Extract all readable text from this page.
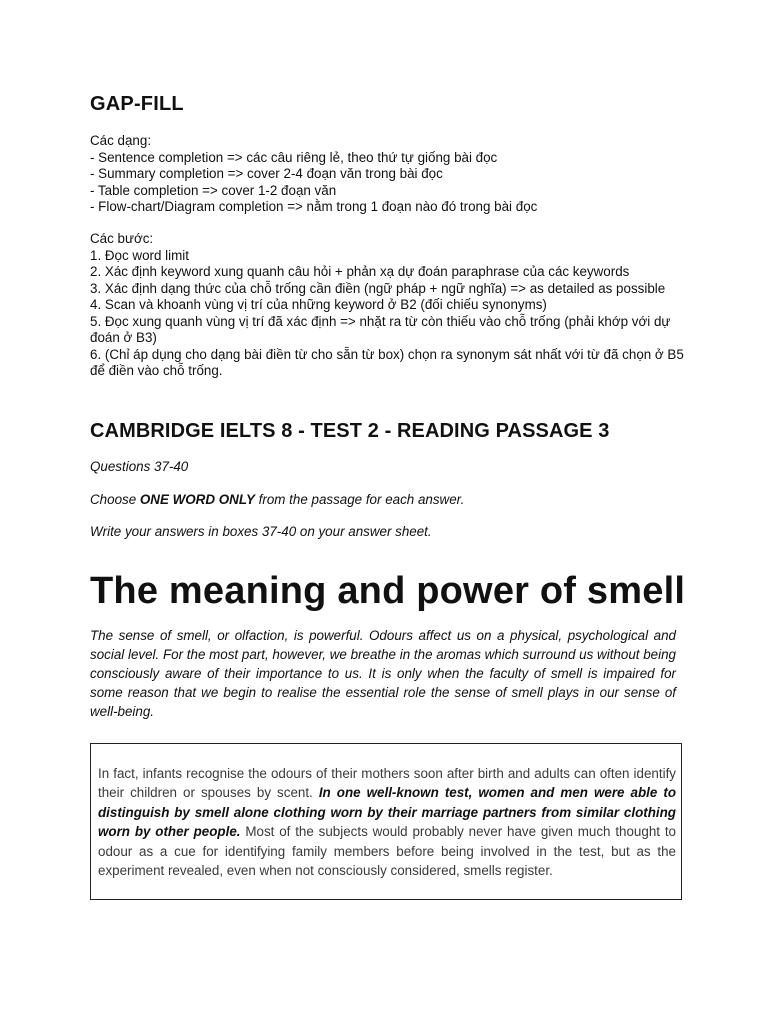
GAP-FILL

Các dạng:

- Sentence completion => các câu riêng lẻ, theo thứ tự giống bài đọc

- Summary completion => cover 2-4 đoạn văn trong bài đọc

- Table completion => cover 1-2 đoạn văn

- Flow-chart/Diagram completion => nằm trong 1 đoạn nào đó trong bài đọc

Các bước:

1. Đọc word limit

2. Xác định keyword xung quanh câu hỏi + phản xạ dự đoán paraphrase của các keywords

3. Xác định dạng thức của chỗ trống cần điền (ngữ pháp + ngữ nghĩa) => as detailed as possible

4. Scan và khoanh vùng vị trí của những keyword ở B2 (đối chiếu synonyms)

5. Đọc xung quanh vùng vị trí đã xác định => nhặt ra từ còn thiếu vào chỗ trống (phải khớp với dự đoán ở B3)

6. (Chỉ áp dụng cho dạng bài điền từ cho sẵn từ box) chọn ra synonym sát nhất với từ đã chọn ở B5 để điền vào chỗ trống.

CAMBRIDGE IELTS 8 - TEST 2 - READING PASSAGE 3

Questions 37-40

Choose ONE WORD ONLY from the passage for each answer.

Write your answers in boxes 37-40 on your answer sheet.

The meaning and power of smell

The sense of smell, or olfaction, is powerful. Odours affect us on a physical, psychological and social level. For the most part, however, we breathe in the aromas which surround us without being consciously aware of their importance to us. It is only when the faculty of smell is impaired for some reason that we begin to realise the essential role the sense of smell plays in our sense of well-being.

In fact, infants recognise the odours of their mothers soon after birth and adults can often identify their children or spouses by scent. In one well-known test, women and men were able to distinguish by smell alone clothing worn by their marriage partners from similar clothing worn by other people. Most of the subjects would probably never have given much thought to odour as a cue for identifying family members before being involved in the test, but as the experiment revealed, even when not consciously considered, smells register.
